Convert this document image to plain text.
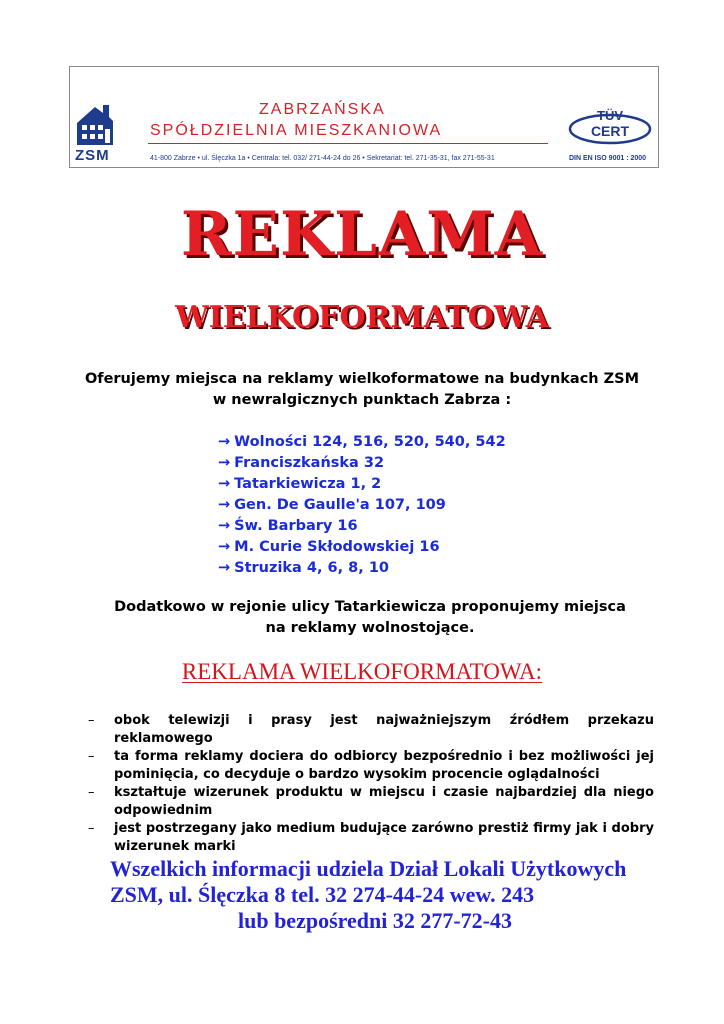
ZSM
ZABRZAŃSKA
SPÓŁDZIELNIA MIESZKANIOWA
41-800 Zabrze • ul. Ślęczka 1a • Centrala: tel. 032/ 271-44-24 do 26 • Sekretariat: tel. 271-35-31, fax 271-55-31
TÜV
CERT
DIN EN ISO 9001 : 2000
REKLAMA
WIELKOFORMATOWA
Oferujemy miejsca na reklamy wielkoformatowe na budynkach ZSM
w newralgicznych punktach Zabrza :
→ Wolności 124, 516, 520, 540, 542
→ Franciszkańska 32
→ Tatarkiewicza 1, 2
→ Gen. De Gaulle'a 107, 109
→ Św. Barbary 16
→ M. Curie Skłodowskiej 16
→ Struzika 4, 6, 8, 10
Dodatkowo w rejonie ulicy Tatarkiewicza proponujemy miejsca
na reklamy wolnostojące.
REKLAMA WIELKOFORMATOWA:
– obok telewizji i prasy jest najważniejszym źródłem przekazu reklamowego
– ta forma reklamy dociera do odbiorcy bezpośrednio i bez możliwości jej pominięcia, co decyduje o bardzo wysokim procencie oglądalności
– kształtuje wizerunek produktu w miejscu i czasie najbardziej dla niego odpowiednim
– jest postrzegany jako medium budujące zarówno prestiż firmy jak i dobry wizerunek marki
Wszelkich informacji udziela Dział Lokali Użytkowych
ZSM, ul. Ślęczka 8 tel. 32 274-44-24 wew. 243
lub bezpośredni 32 277-72-43
